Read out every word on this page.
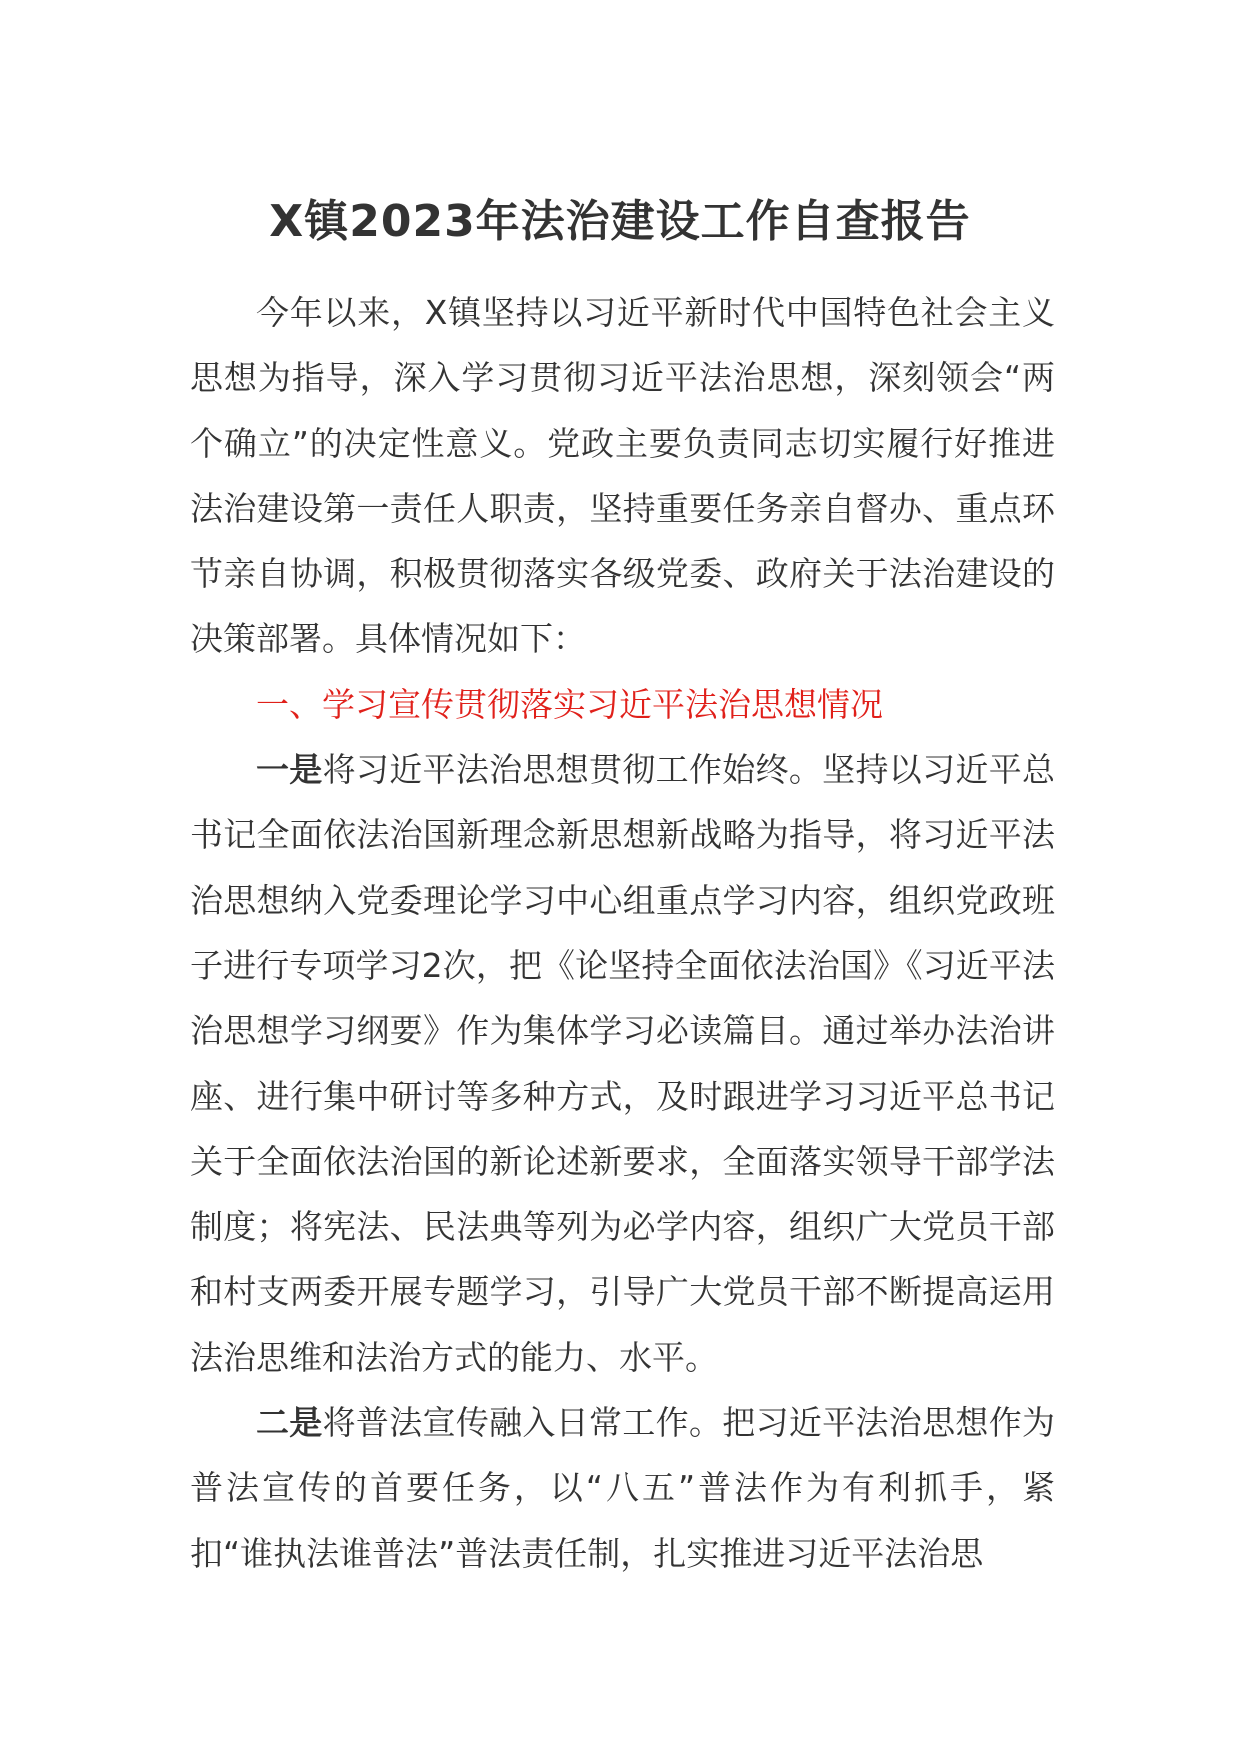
X镇2023年法治建设工作自查报告

今年以来，X镇坚持以习近平新时代中国特色社会主义思想为指导，深入学习贯彻习近平法治思想，深刻领会“两个确立”的决定性意义。党政主要负责同志切实履行好推进法治建设第一责任人职责，坚持重要任务亲自督办、重点环节亲自协调，积极贯彻落实各级党委、政府关于法治建设的决策部署。具体情况如下：

一、学习宣传贯彻落实习近平法治思想情况

一是将习近平法治思想贯彻工作始终。坚持以习近平总书记全面依法治国新理念新思想新战略为指导，将习近平法治思想纳入党委理论学习中心组重点学习内容，组织党政班子进行专项学习2次，把《论坚持全面依法治国》《习近平法治思想学习纲要》作为集体学习必读篇目。通过举办法治讲座、进行集中研讨等多种方式，及时跟进学习习近平总书记关于全面依法治国的新论述新要求，全面落实领导干部学法制度；将宪法、民法典等列为必学内容，组织广大党员干部和村支两委开展专题学习，引导广大党员干部不断提高运用法治思维和法治方式的能力、水平。

二是将普法宣传融入日常工作。把习近平法治思想作为普法宣传的首要任务，以“八五”普法作为有利抓手，紧扣“谁执法谁普法”普法责任制，扎实推进习近平法治思
